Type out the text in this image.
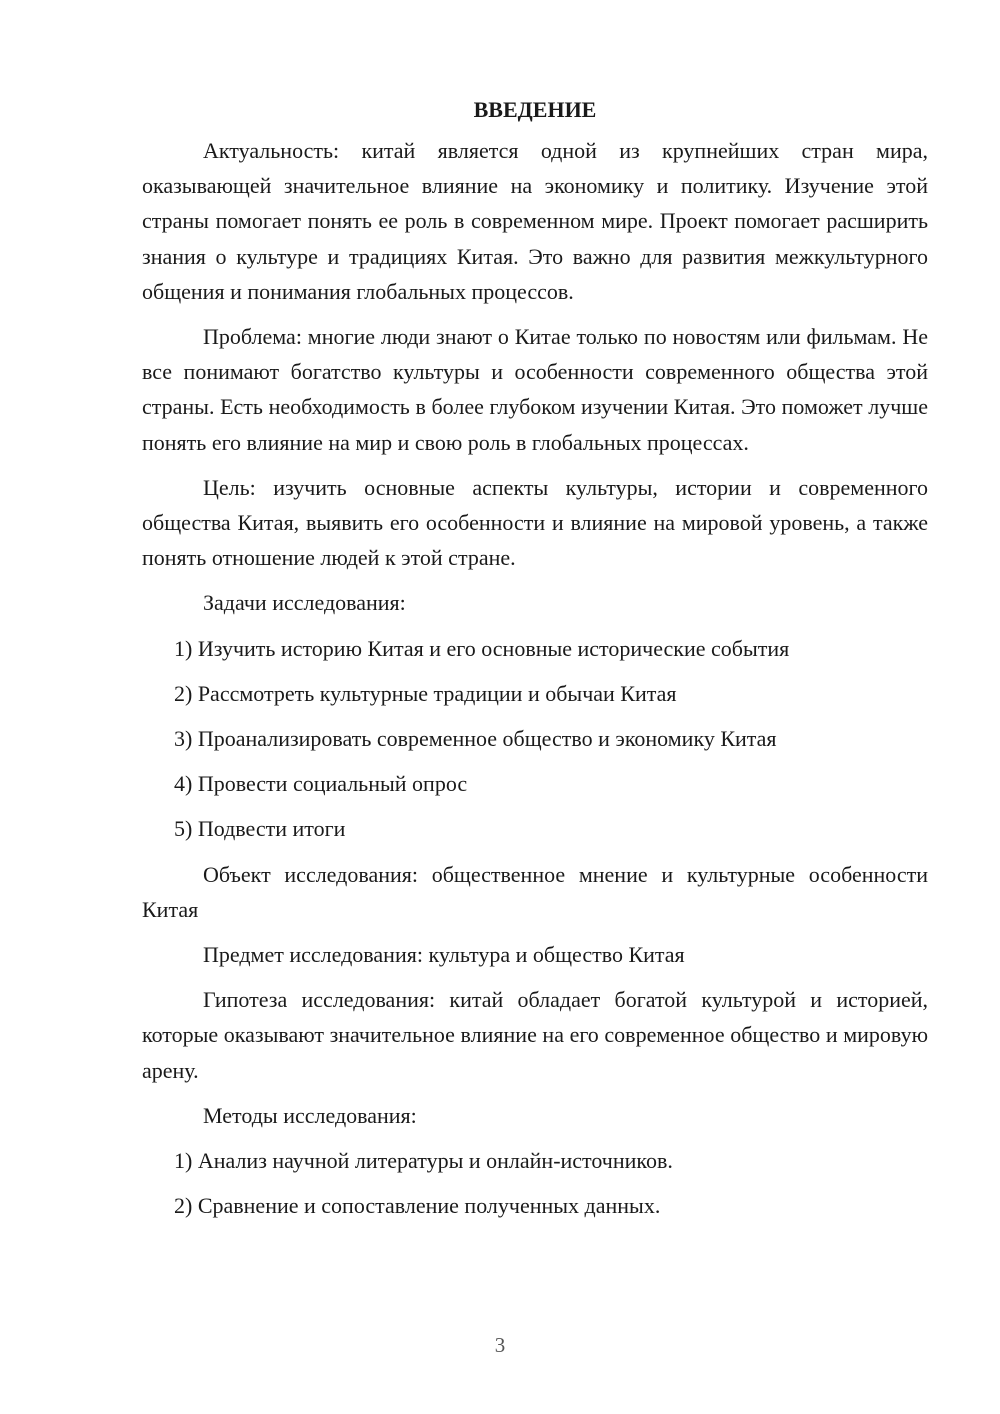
ВВЕДЕНИЕ

Актуальность: китай является одной из крупнейших стран мира, оказывающей значительное влияние на экономику и политику. Изучение этой страны помогает понять ее роль в современном мире. Проект помогает расширить знания о культуре и традициях Китая. Это важно для развития межкультурного общения и понимания глобальных процессов.

Проблема: многие люди знают о Китае только по новостям или фильмам. Не все понимают богатство культуры и особенности современного общества этой страны. Есть необходимость в более глубоком изучении Китая. Это поможет лучше понять его влияние на мир и свою роль в глобальных процессах.

Цель: изучить основные аспекты культуры, истории и современного общества Китая, выявить его особенности и влияние на мировой уровень, а также понять отношение людей к этой стране.

Задачи исследования:

1) Изучить историю Китая и его основные исторические события
2) Рассмотреть культурные традиции и обычаи Китая
3) Проанализировать современное общество и экономику Китая
4) Провести социальный опрос
5) Подвести итоги

Объект исследования: общественное мнение и культурные особенности Китая

Предмет исследования: культура и общество Китая

Гипотеза исследования: китай обладает богатой культурой и историей, которые оказывают значительное влияние на его современное общество и мировую арену.

Методы исследования:

1) Анализ научной литературы и онлайн-источников.
2) Сравнение и сопоставление полученных данных.
3
